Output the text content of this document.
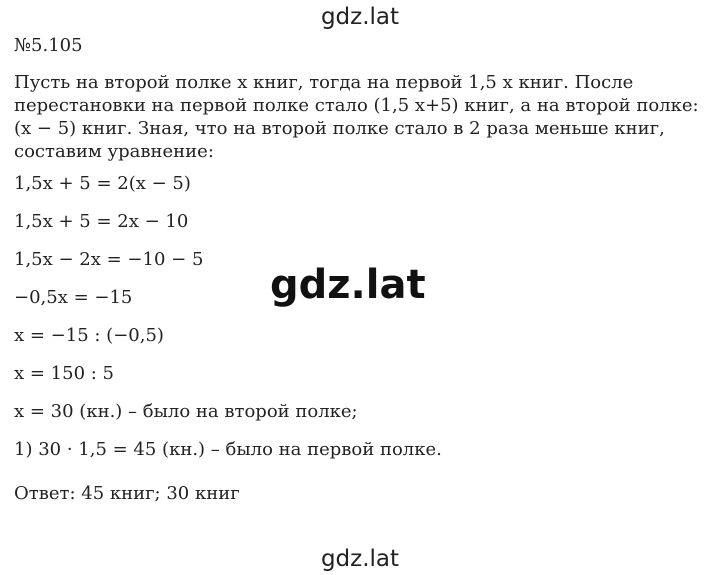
gdz.lat
gdz.lat
gdz.lat
№5.105
Пусть на второй полке x книг, тогда на первой 1,5 x книг. После
перестановки на первой полке стало (1,5 x+5) книг, а на второй полке:
(x − 5) книг. Зная, что на второй полке стало в 2 раза меньше книг,
составим уравнение:
1,5x + 5 = 2(x − 5)
1,5x + 5 = 2x − 10
1,5x − 2x = −10 − 5
−0,5x = −15
x = −15 : (−0,5)
x = 150 : 5
x = 30 (кн.) – было на второй полке;
1) 30 · 1,5 = 45 (кн.) – было на первой полке.
Ответ: 45 книг; 30 книг
